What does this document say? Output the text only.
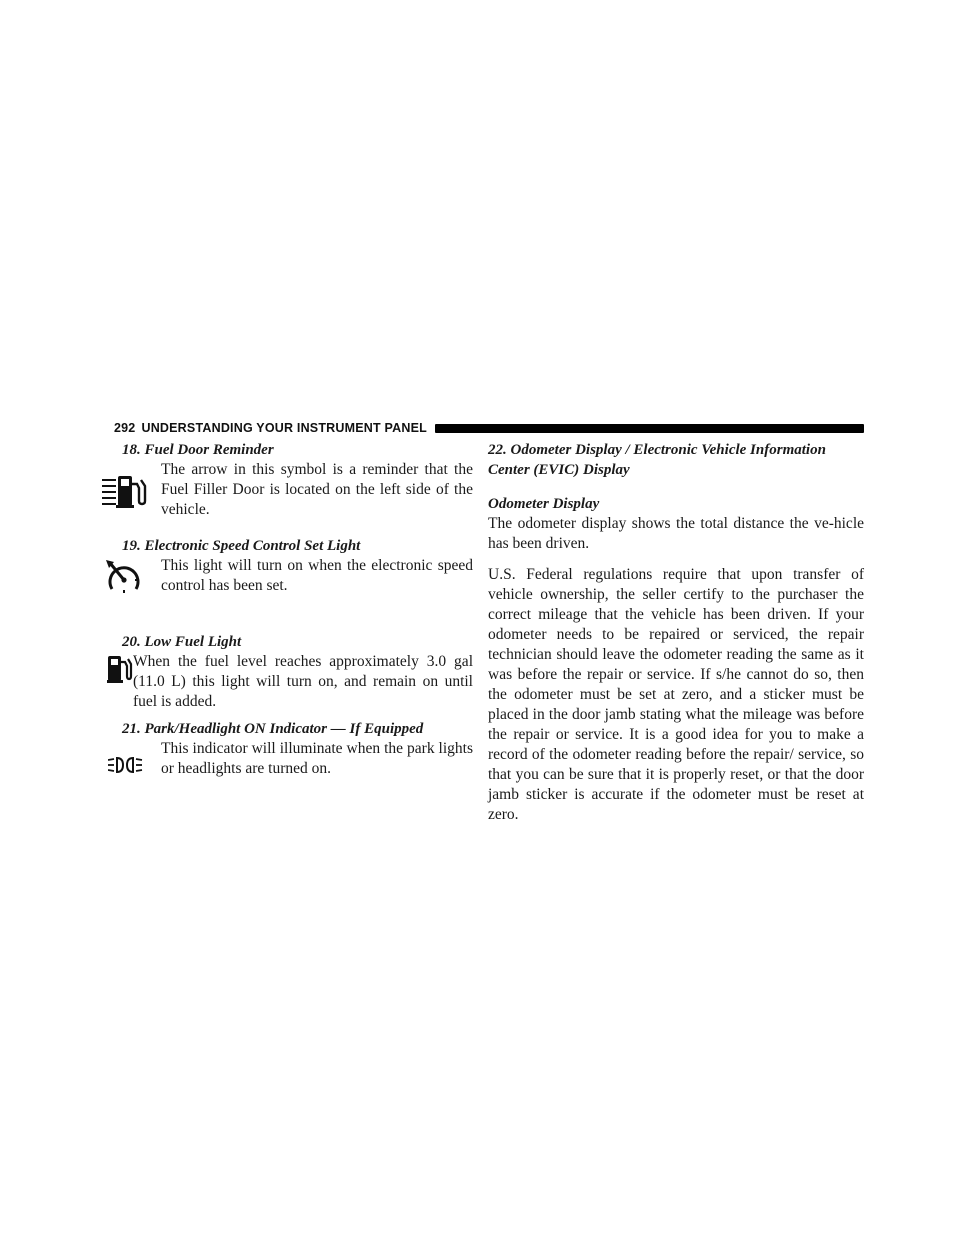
292 UNDERSTANDING YOUR INSTRUMENT PANEL
18. Fuel Door Reminder
The arrow in this symbol is a reminder that the Fuel Filler Door is located on the left side of the vehicle.
19. Electronic Speed Control Set Light
This light will turn on when the electronic speed control has been set.
20. Low Fuel Light
When the fuel level reaches approximately 3.0 gal (11.0 L) this light will turn on, and remain on until fuel is added.
21. Park/Headlight ON Indicator — If Equipped
This indicator will illuminate when the park lights or headlights are turned on.

22. Odometer Display / Electronic Vehicle Information Center (EVIC) Display

Odometer Display

The odometer display shows the total distance the ve-hicle has been driven.

U.S. Federal regulations require that upon transfer of vehicle ownership, the seller certify to the purchaser the correct mileage that the vehicle has been driven. If your odometer needs to be repaired or serviced, the repair technician should leave the odometer reading the same as it was before the repair or service. If s/he cannot do so, then the odometer must be set at zero, and a sticker must be placed in the door jamb stating what the mileage was before the repair or service. It is a good idea for you to make a record of the odometer reading before the repair/ service, so that you can be sure that it is properly reset, or that the door jamb sticker is accurate if the odometer must be reset at zero.
